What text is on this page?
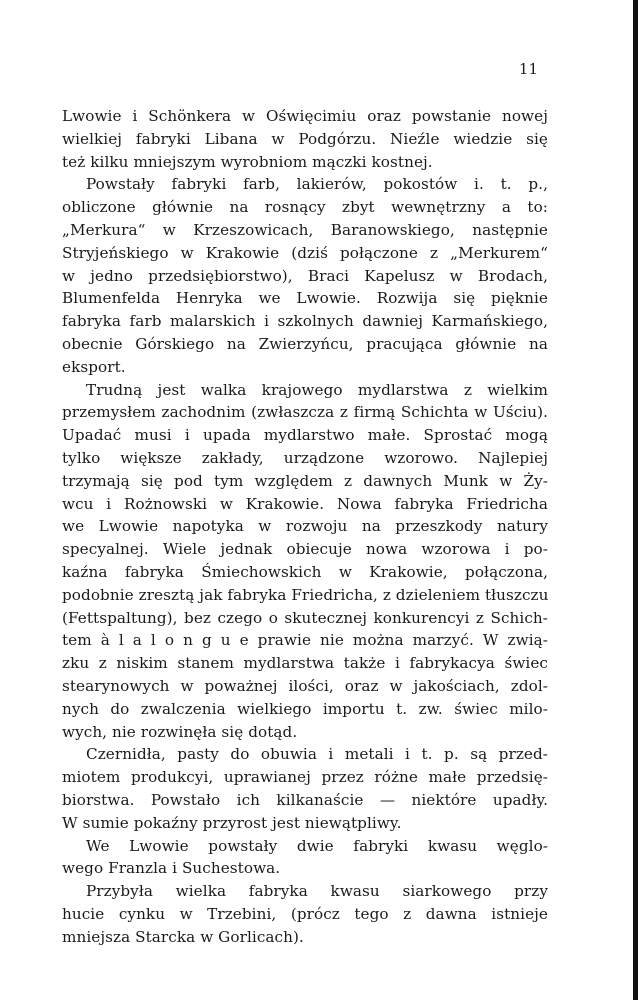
11
Lwowie i Schönkera w Oświęcimiu oraz powstanie nowej
wielkiej fabryki Libana w Podgórzu. Nieźle wiedzie się
też kilku mniejszym wyrobniom mączki kostnej.
Powstały fabryki farb, lakierów, pokostów i. t. p.,
obliczone głównie na rosnący zbyt wewnętrzny a to:
„Merkura“ w Krzeszowicach, Baranowskiego, następnie
Stryjeńskiego w Krakowie (dziś połączone z „Merkurem“
w jedno przedsiębiorstwo), Braci Kapelusz w Brodach,
Blumenfelda Henryka we Lwowie. Rozwija się pięknie
fabryka farb malarskich i szkolnych dawniej Karmańskiego,
obecnie Górskiego na Zwierzyńcu, pracująca głównie na
eksport.
Trudną jest walka krajowego mydlarstwa z wielkim
przemysłem zachodnim (zwłaszcza z firmą Schichta w Uściu).
Upadać musi i upada mydlarstwo małe. Sprostać mogą
tylko większe zakłady, urządzone wzorowo. Najlepiej
trzymają się pod tym względem z dawnych Munk w Ży-
wcu i Rożnowski w Krakowie. Nowa fabryka Friedricha
we Lwowie napotyka w rozwoju na przeszkody natury
specyalnej. Wiele jednak obiecuje nowa wzorowa i po-
kaźna fabryka Śmiechowskich w Krakowie, połączona,
podobnie zresztą jak fabryka Friedricha, z dzieleniem tłuszczu
(Fettspaltung), bez czego o skutecznej konkurencyi z Schich-
tem à l a l o n g u e prawie nie można marzyć. W zwią-
zku z niskim stanem mydlarstwa także i fabrykacya świec
stearynowych w poważnej ilości, oraz w jakościach, zdol-
nych do zwalczenia wielkiego importu t. zw. świec milo-
wych, nie rozwinęła się dotąd.
Czernidła, pasty do obuwia i metali i t. p. są przed-
miotem produkcyi, uprawianej przez różne małe przedsię-
biorstwa. Powstało ich kilkanaście — niektóre upadły.
W sumie pokaźny przyrost jest niewątpliwy.
We Lwowie powstały dwie fabryki kwasu węglo-
wego Franzla i Suchestowa.
Przybyła wielka fabryka kwasu siarkowego przy
hucie cynku w Trzebini, (prócz tego z dawna istnieje
mniejsza Starcka w Gorlicach).
